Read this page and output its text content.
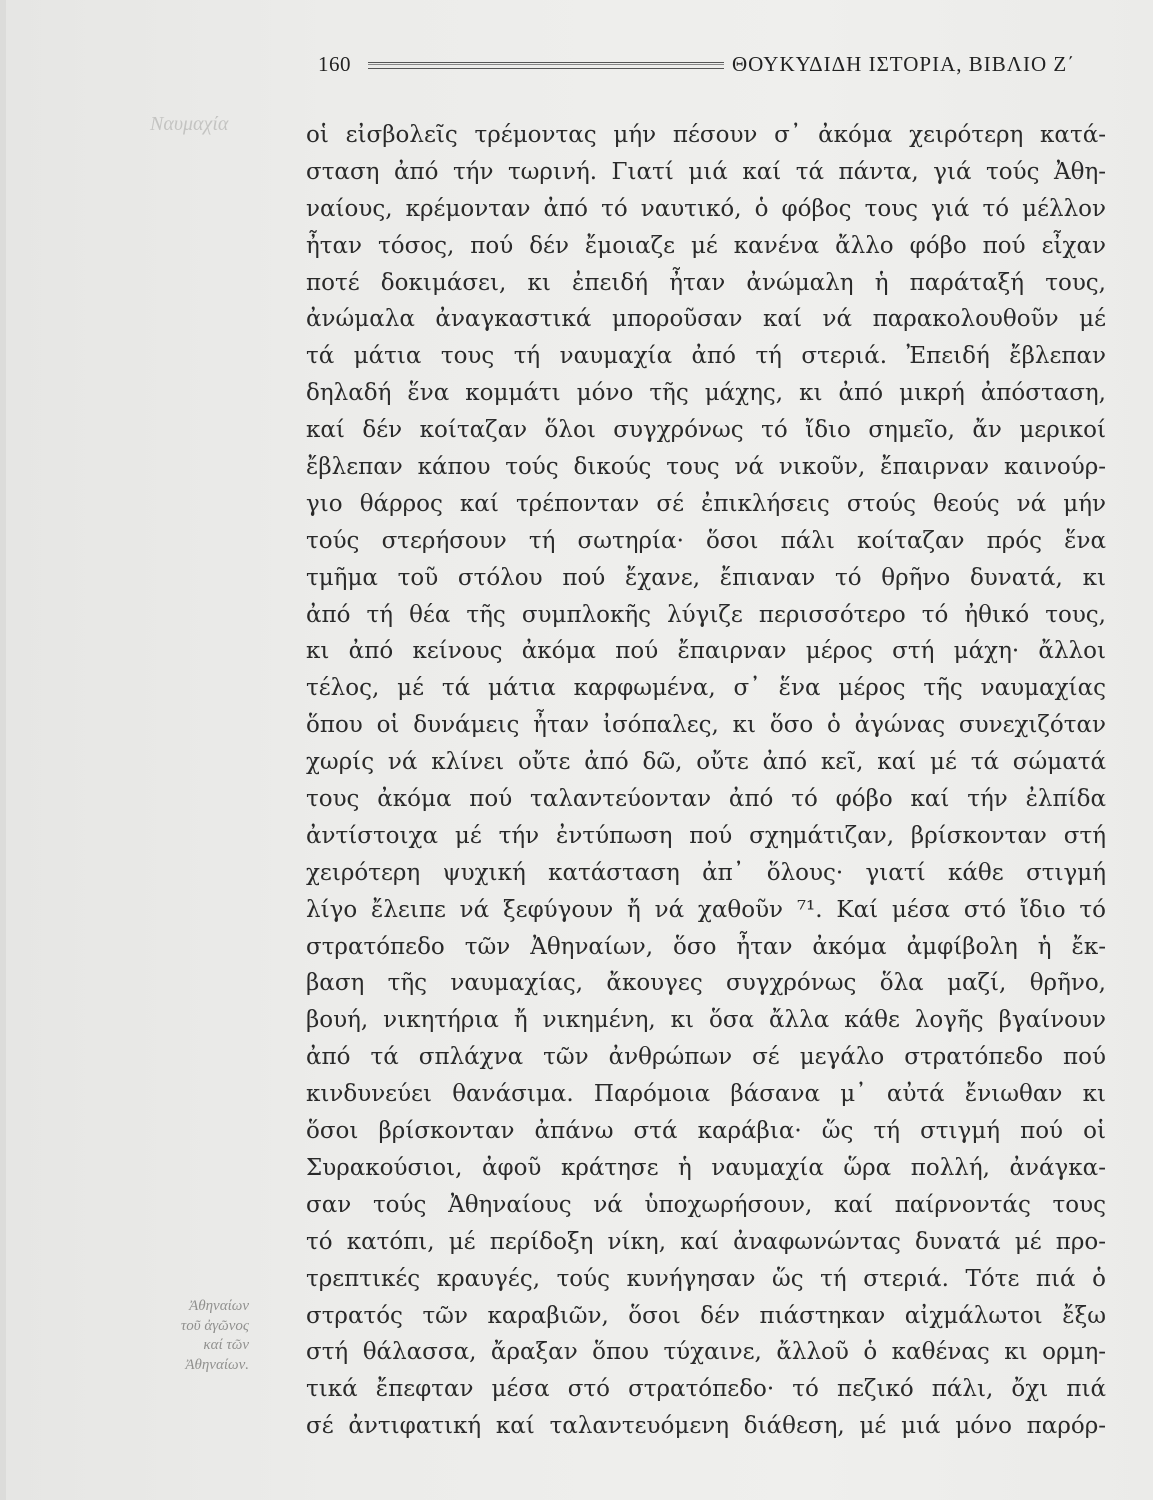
Ναυμαχία
160	ΘΟΥΚΥΔΙΔΗ ΙΣΤΟΡΙΑ, ΒΙΒΛΙΟ Ζ΄
οἱ εἰσβολεῖς τρέμοντας μήν πέσουν σ᾽ ἀκόμα χειρότερη κατά-
σταση ἀπό τήν τωρινή. Γιατί μιά καί τά πάντα, γιά τούς Ἀθη-
ναίους, κρέμονταν ἀπό τό ναυτικό, ὁ φόβος τους γιά τό μέλλον
ἦταν τόσος, πού δέν ἔμοιαζε μέ κανένα ἄλλο φόβο πού εἶχαν
ποτέ δοκιμάσει, κι ἐπειδή ἦταν ἀνώμαλη ἡ παράταξή τους,
ἀνώμαλα ἀναγκαστικά μποροῦσαν καί νά παρακολουθοῦν μέ
τά μάτια τους τή ναυμαχία ἀπό τή στεριά. Ἐπειδή ἔβλεπαν
δηλαδή ἕνα κομμάτι μόνο τῆς μάχης, κι ἀπό μικρή ἀπόσταση,
καί δέν κοίταζαν ὅλοι συγχρόνως τό ἴδιο σημεῖο, ἄν μερικοί
ἔβλεπαν κάπου τούς δικούς τους νά νικοῦν, ἔπαιρναν καινούρ-
γιο θάρρος καί τρέπονταν σέ ἐπικλήσεις στούς θεούς νά μήν
τούς στερήσουν τή σωτηρία· ὅσοι πάλι κοίταζαν πρός ἕνα
τμῆμα τοῦ στόλου πού ἔχανε, ἔπιαναν τό θρῆνο δυνατά, κι
ἀπό τή θέα τῆς συμπλοκῆς λύγιζε περισσότερο τό ἠθικό τους,
κι ἀπό κείνους ἀκόμα πού ἔπαιρναν μέρος στή μάχη· ἄλλοι
τέλος, μέ τά μάτια καρφωμένα, σ᾽ ἕνα μέρος τῆς ναυμαχίας
ὅπου οἱ δυνάμεις ἦταν ἰσόπαλες, κι ὅσο ὁ ἀγώνας συνεχιζόταν
χωρίς νά κλίνει οὔτε ἀπό δῶ, οὔτε ἀπό κεῖ, καί μέ τά σώματά
τους ἀκόμα πού ταλαντεύονταν ἀπό τό φόβο καί τήν ἐλπίδα
ἀντίστοιχα μέ τήν ἐντύπωση πού σχημάτιζαν, βρίσκονταν στή
χειρότερη ψυχική κατάσταση ἀπ᾽ ὅλους· γιατί κάθε στιγμή
λίγο ἔλειπε νά ξεφύγουν ἤ νά χαθοῦν ⁷¹. Καί μέσα στό ἴδιο τό
στρατόπεδο τῶν Ἀθηναίων, ὅσο ἦταν ἀκόμα ἀμφίβολη ἡ ἔκ-
βαση τῆς ναυμαχίας, ἄκουγες συγχρόνως ὅλα μαζί, θρῆνο,
βουή, νικητήρια ἤ νικημένη, κι ὅσα ἄλλα κάθε λογῆς βγαίνουν
ἀπό τά σπλάχνα τῶν ἀνθρώπων σέ μεγάλο στρατόπεδο πού
κινδυνεύει θανάσιμα. Παρόμοια βάσανα μ᾽ αὐτά ἔνιωθαν κι
ὅσοι βρίσκονταν ἀπάνω στά καράβια· ὥς τή στιγμή πού οἱ
Συρακούσιοι, ἀφοῦ κράτησε ἡ ναυμαχία ὥρα πολλή, ἀνάγκα-
σαν τούς Ἀθηναίους νά ὑποχωρήσουν, καί παίρνοντάς τους
τό κατόπι, μέ περίδοξη νίκη, καί ἀναφωνώντας δυνατά μέ προ-
τρεπτικές κραυγές, τούς κυνήγησαν ὥς τή στεριά. Τότε πιά ὁ
στρατός τῶν καραβιῶν, ὅσοι δέν πιάστηκαν αἰχμάλωτοι ἔξω
στή θάλασσα, ἄραξαν ὅπου τύχαινε, ἄλλοῦ ὁ καθένας κι ορμη-
τικά ἔπεφταν μέσα στό στρατόπεδο· τό πεζικό πάλι, ὄχι πιά
σέ ἀντιφατική καί ταλαντευόμενη διάθεση, μέ μιά μόνο παρόρ-
Ἀθηναίων
τοῦ ἀγῶνος
καί τῶν
Ἀθηναίων.
